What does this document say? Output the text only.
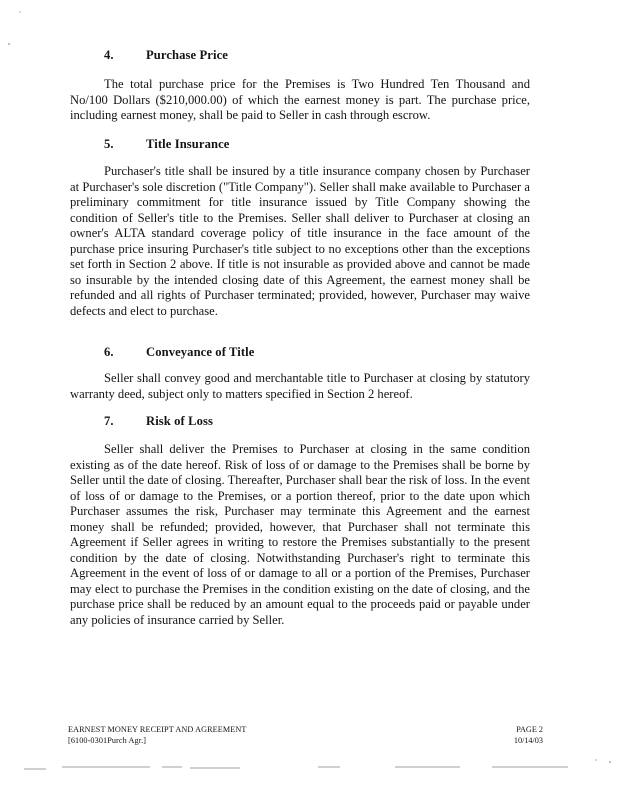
4.	Purchase Price

The total purchase price for the Premises is Two Hundred Ten Thousand and No/100 Dollars ($210,000.00) of which the earnest money is part. The purchase price, including earnest money, shall be paid to Seller in cash through escrow.

5.	Title Insurance

Purchaser's title shall be insured by a title insurance company chosen by Purchaser at Purchaser's sole discretion ("Title Company"). Seller shall make available to Purchaser a preliminary commitment for title insurance issued by Title Company showing the condition of Seller's title to the Premises. Seller shall deliver to Purchaser at closing an owner's ALTA standard coverage policy of title insurance in the face amount of the purchase price insuring Purchaser's title subject to no exceptions other than the exceptions set forth in Section 2 above. If title is not insurable as provided above and cannot be made so insurable by the intended closing date of this Agreement, the earnest money shall be refunded and all rights of Purchaser terminated; provided, however, Purchaser may waive defects and elect to purchase.

6.	Conveyance of Title

Seller shall convey good and merchantable title to Purchaser at closing by statutory warranty deed, subject only to matters specified in Section 2 hereof.

7.	Risk of Loss

Seller shall deliver the Premises to Purchaser at closing in the same condition existing as of the date hereof. Risk of loss of or damage to the Premises shall be borne by Seller until the date of closing. Thereafter, Purchaser shall bear the risk of loss. In the event of loss of or damage to the Premises, or a portion thereof, prior to the date upon which Purchaser assumes the risk, Purchaser may terminate this Agreement and the earnest money shall be refunded; provided, however, that Purchaser shall not terminate this Agreement if Seller agrees in writing to restore the Premises substantially to the present condition by the date of closing. Notwithstanding Purchaser's right to terminate this Agreement in the event of loss of or damage to all or a portion of the Premises, Purchaser may elect to purchase the Premises in the condition existing on the date of closing, and the purchase price shall be reduced by an amount equal to the proceeds paid or payable under any policies of insurance carried by Seller.

EARNEST MONEY RECEIPT AND AGREEMENT
[6100-0301Purch Agr.]
PAGE 2
10/14/03
